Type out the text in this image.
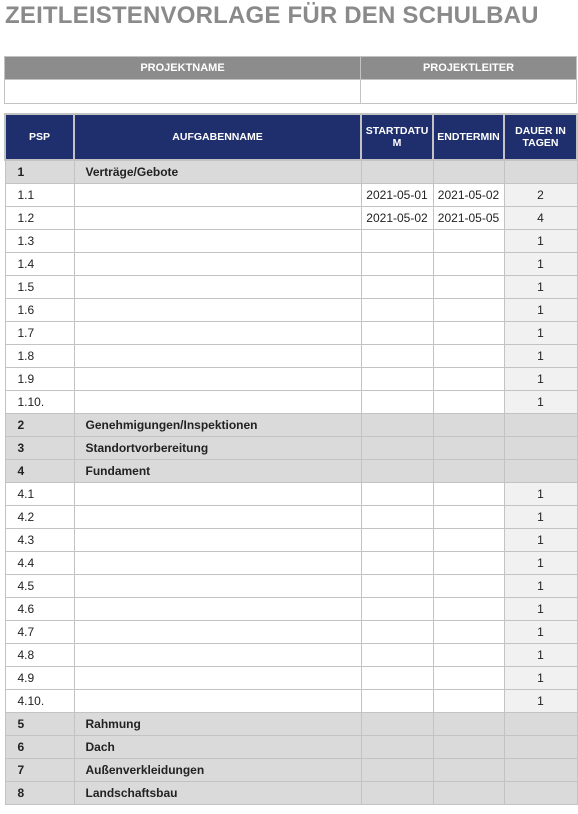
ZEITLEISTENVORLAGE FÜR DEN SCHULBAU
PROJEKTNAME	PROJEKTLEITER

PSP	AUFGABENNAME	STARTDATU M	ENDTERMIN	DAUER IN TAGEN
1	Verträge/Gebote			
1.1		2021-05-01	2021-05-02	2
1.2		2021-05-02	2021-05-05	4
1.3				1
1.4				1
1.5				1
1.6				1
1.7				1
1.8				1
1.9				1
1.10.				1
2	Genehmigungen/Inspektionen			
3	Standortvorbereitung			
4	Fundament			
4.1				1
4.2				1
4.3				1
4.4				1
4.5				1
4.6				1
4.7				1
4.8				1
4.9				1
4.10.				1
5	Rahmung			
6	Dach			
7	Außenverkleidungen			
8	Landschaftsbau			
